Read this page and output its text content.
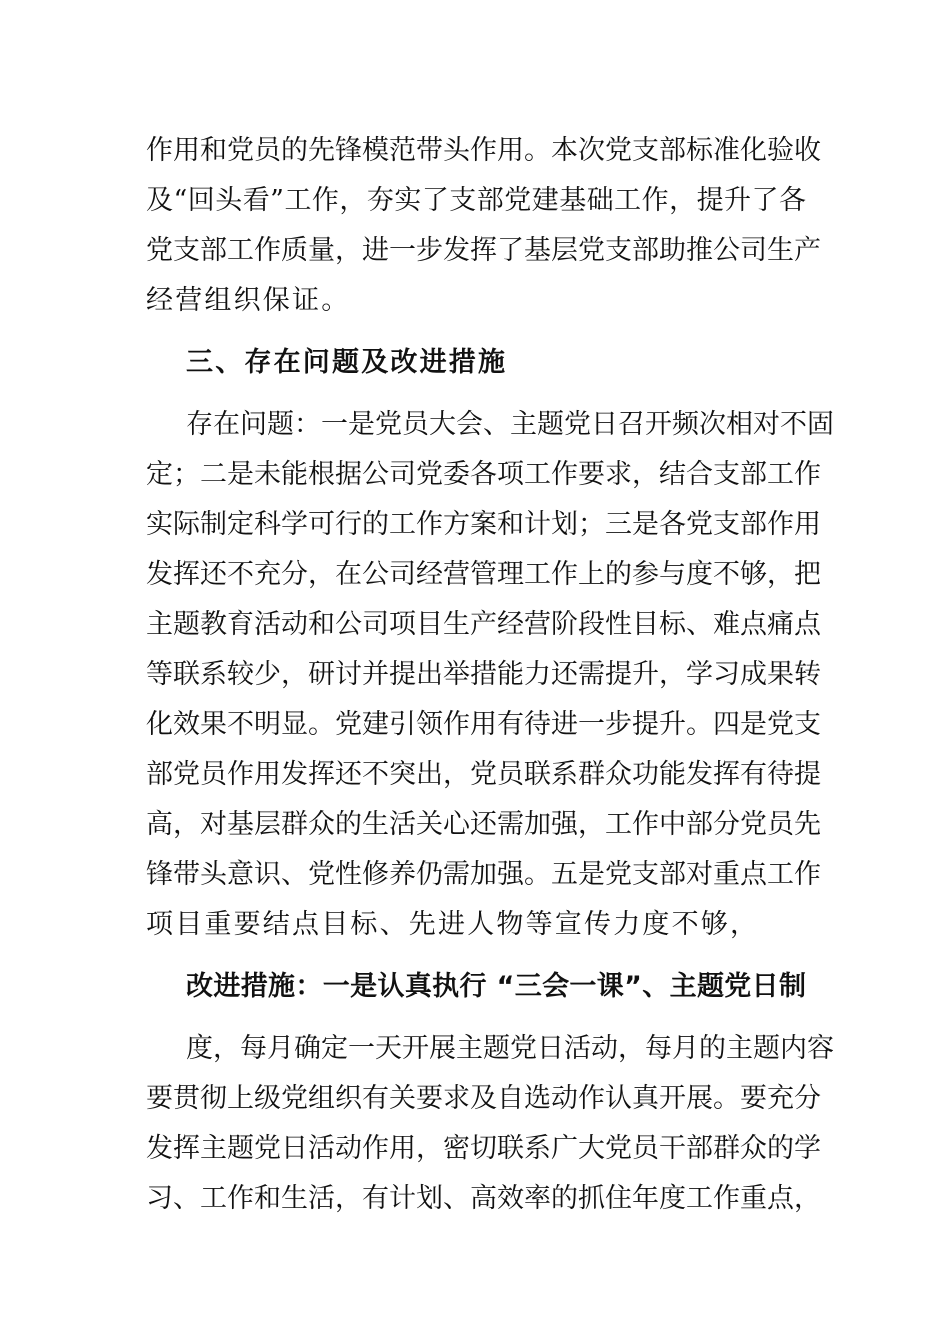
作用和党员的先锋模范带头作用。本次党支部标准化验收
及“回头看”工作，夯实了支部党建基础工作，提升了各
党支部工作质量，进一步发挥了基层党支部助推公司生产
经营组织保证。
三、存在问题及改进措施
存在问题：一是党员大会、主题党日召开频次相对不固
定；二是未能根据公司党委各项工作要求，结合支部工作
实际制定科学可行的工作方案和计划；三是各党支部作用
发挥还不充分，在公司经营管理工作上的参与度不够，把
主题教育活动和公司项目生产经营阶段性目标、难点痛点
等联系较少，研讨并提出举措能力还需提升，学习成果转
化效果不明显。党建引领作用有待进一步提升。四是党支
部党员作用发挥还不突出，党员联系群众功能发挥有待提
高，对基层群众的生活关心还需加强，工作中部分党员先
锋带头意识、党性修养仍需加强。五是党支部对重点工作
项目重要结点目标、先进人物等宣传力度不够，
改进措施：一是认真执行 “三会一课”、主题党日制
度，每月确定一天开展主题党日活动，每月的主题内容
要贯彻上级党组织有关要求及自选动作认真开展。要充分
发挥主题党日活动作用，密切联系广大党员干部群众的学
习、工作和生活，有计划、高效率的抓住年度工作重点，
